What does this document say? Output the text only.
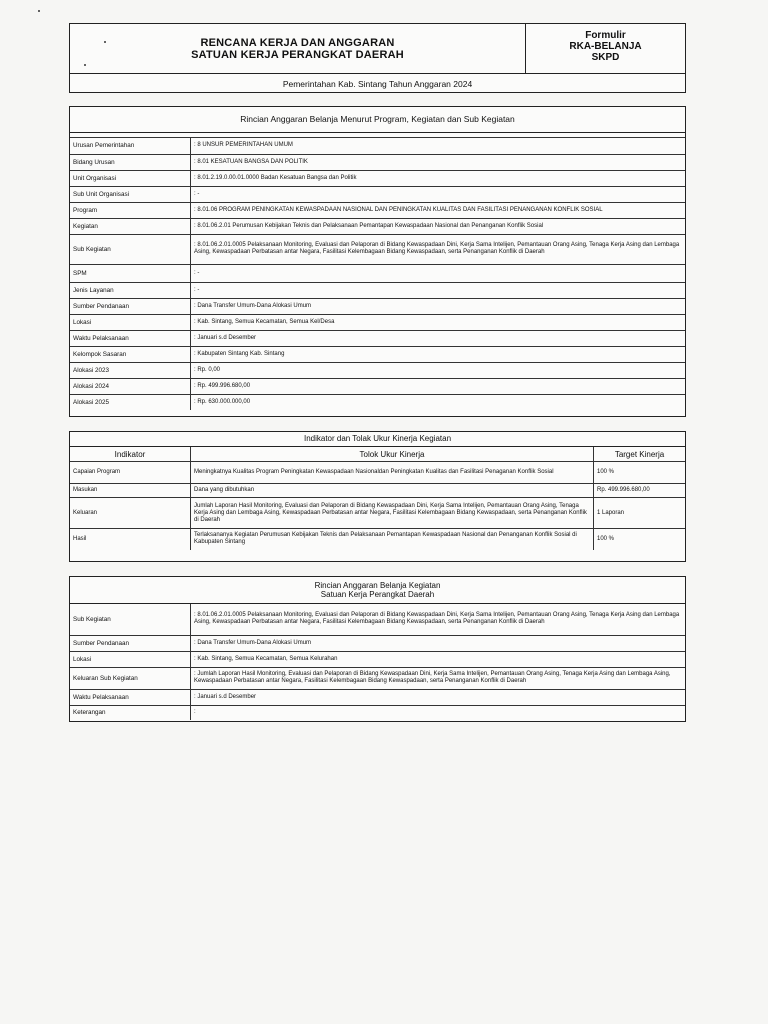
RENCANA KERJA DAN ANGGARAN
SATUAN KERJA PERANGKAT DAERAH
Formulir
RKA-BELANJA
SKPD
Pemerintahan Kab. Sintang Tahun Anggaran 2024
Rincian Anggaran Belanja Menurut Program, Kegiatan dan Sub Kegiatan
Urusan Pemerintahan	: 8 UNSUR PEMERINTAHAN UMUM
Bidang Urusan	: 8.01 KESATUAN BANGSA DAN POLITIK
Unit Organisasi	: 8.01.2.19.0.00.01.0000 Badan Kesatuan Bangsa dan Politik
Sub Unit Organisasi	: -
Program	: 8.01.06 PROGRAM PENINGKATAN KEWASPADAAN NASIONAL DAN PENINGKATAN KUALITAS DAN FASILITASI PENANGANAN KONFLIK SOSIAL
Kegiatan	: 8.01.06.2.01 Perumusan Kebijakan Teknis dan Pelaksanaan Pemantapan Kewaspadaan Nasional dan Penanganan Konflik Sosial
Sub Kegiatan	: 8.01.06.2.01.0005 Pelaksanaan Monitoring, Evaluasi dan Pelaporan di Bidang Kewaspadaan Dini, Kerja Sama Intelijen, Pemantauan Orang Asing, Tenaga Kerja Asing dan Lembaga Asing, Kewaspadaan Perbatasan antar Negara, Fasilitasi Kelembagaan Bidang Kewaspadaan, serta Penanganan Konflik di Daerah
SPM	: -
Jenis Layanan	: -
Sumber Pendanaan	: Dana Transfer Umum-Dana Alokasi Umum
Lokasi	: Kab. Sintang, Semua Kecamatan, Semua Kel/Desa
Waktu Pelaksanaan	: Januari s.d Desember
Kelompok Sasaran	: Kabupaten Sintang Kab. Sintang
Alokasi 2023	: Rp. 0,00
Alokasi 2024	: Rp. 499.996.680,00
Alokasi 2025	: Rp. 630.000.000,00
Indikator dan Tolak Ukur Kinerja Kegiatan
Indikator	Tolok Ukur Kinerja	Target Kinerja
Capaian Program	Meningkatnya Kualitas Program Peningkatan Kewaspadaan Nasionaldan Peningkatan Kualitas dan Fasilitasi Penaganan Konflik Sosial	100 %
Masukan	Dana yang dibutuhkan	Rp. 499.996.680,00
Keluaran	Jumlah Laporan Hasil Monitoring, Evaluasi dan Pelaporan di Bidang Kewaspadaan Dini, Kerja Sama Intelijen, Pemantauan Orang Asing, Tenaga Kerja Asing dan Lembaga Asing, Kewaspadaan Perbatasan antar Negara, Fasilitasi Kelembagaan Bidang Kewaspadaan, serta Penanganan Konflik di Daerah	1 Laporan
Hasil	Terlaksananya Kegiatan Perumusan Kebijakan Teknis dan Pelaksanaan Pemantapan Kewaspadaan Nasional dan Penanganan Konflik Sosial di Kabupaten Sintang	100 %
Rincian Anggaran Belanja Kegiatan
Satuan Kerja Perangkat Daerah
Sub Kegiatan	: 8.01.06.2.01.0005 Pelaksanaan Monitoring, Evaluasi dan Pelaporan di Bidang Kewaspadaan Dini, Kerja Sama Intelijen, Pemantauan Orang Asing, Tenaga Kerja Asing dan Lembaga Asing, Kewaspadaan Perbatasan antar Negara, Fasilitasi Kelembagaan Bidang Kewaspadaan, serta Penanganan Konflik di Daerah
Sumber Pendanaan	: Dana Transfer Umum-Dana Alokasi Umum
Lokasi	: Kab. Sintang, Semua Kecamatan, Semua Kelurahan
Keluaran Sub Kegiatan	: Jumlah Laporan Hasil Monitoring, Evaluasi dan Pelaporan di Bidang Kewaspadaan Dini, Kerja Sama Intelijen, Pemantauan Orang Asing, Tenaga Kerja Asing dan Lembaga Asing, Kewaspadaan Perbatasan antar Negara, Fasilitasi Kelembagaan Bidang Kewaspadaan, serta Penanganan Konflik di Daerah
Waktu Pelaksanaan	: Januari s.d Desember
Keterangan	:
